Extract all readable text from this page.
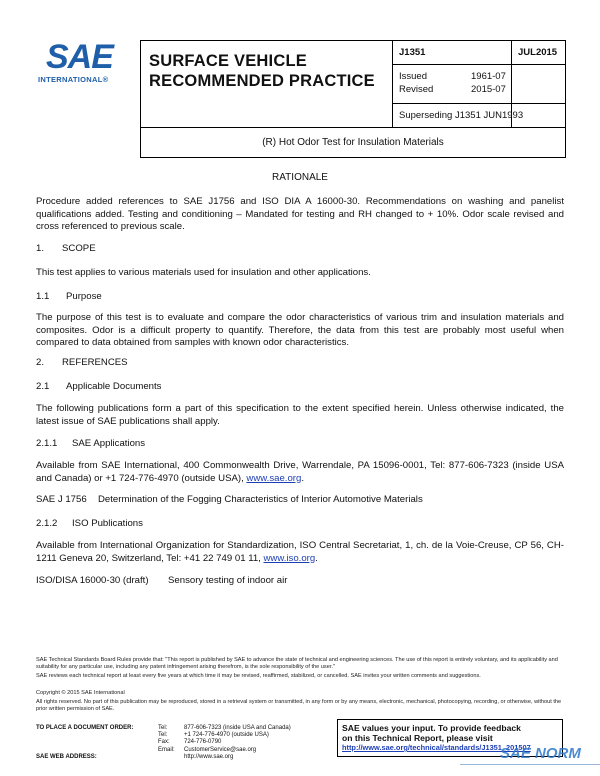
SAE
INTERNATIONAL®
SURFACE VEHICLE
RECOMMENDED PRACTICE
J1351	JUL2015
Issued	1961-07
Revised	2015-07
Superseding J1351 JUN1993
(R) Hot Odor Test for Insulation Materials
RATIONALE
Procedure added references to SAE J1756 and ISO DIA A 16000-30. Recommendations on washing and panelist qualifications added. Testing and conditioning – Mandated for testing and RH changed to + 10%. Odor scale revised and cross referenced to previous scale.
1. SCOPE
This test applies to various materials used for insulation and other applications.
1.1 Purpose
The purpose of this test is to evaluate and compare the odor characteristics of various trim and insulation materials and composites. Odor is a difficult property to quantify. Therefore, the data from this test are probably most useful when compared to data obtained from samples with known odor characteristics.
2. REFERENCES
2.1 Applicable Documents
The following publications form a part of this specification to the extent specified herein. Unless otherwise indicated, the latest issue of SAE publications shall apply.
2.1.1 SAE Applications
Available from SAE International, 400 Commonwealth Drive, Warrendale, PA 15096-0001, Tel: 877-606-7323 (inside USA and Canada) or +1 724-776-4970 (outside USA), www.sae.org.
SAE J 1756 Determination of the Fogging Characteristics of Interior Automotive Materials
2.1.2 ISO Publications
Available from International Organization for Standardization, ISO Central Secretariat, 1, ch. de la Voie-Creuse, CP 56, CH-1211 Geneva 20, Switzerland, Tel: +41 22 749 01 11, www.iso.org.
ISO/DISA 16000-30 (draft) Sensory testing of indoor air
SAE Technical Standards Board Rules provide that: "This report is published by SAE to advance the state of technical and engineering sciences. The use of this report is entirely voluntary, and its applicability and suitability for any particular use, including any patent infringement arising therefrom, is the sole responsibility of the user."
SAE reviews each technical report at least every five years at which time it may be revised, reaffirmed, stabilized, or cancelled. SAE invites your written comments and suggestions.
Copyright © 2015 SAE International
All rights reserved. No part of this publication may be reproduced, stored in a retrieval system or transmitted, in any form or by any means, electronic, mechanical, photocopying, recording, or otherwise, without the prior written permission of SAE.
TO PLACE A DOCUMENT ORDER:	Tel:	877-606-7323 (inside USA and Canada)
Tel:	+1 724-776-4970 (outside USA)
Fax:	724-776-0790
Email:	CustomerService@sae.org
SAE WEB ADDRESS:	http://www.sae.org
SAE values your input. To provide feedback
on this Technical Report, please visit
http://www.sae.org/technical/standards/J1351_201507
SAE NORM
